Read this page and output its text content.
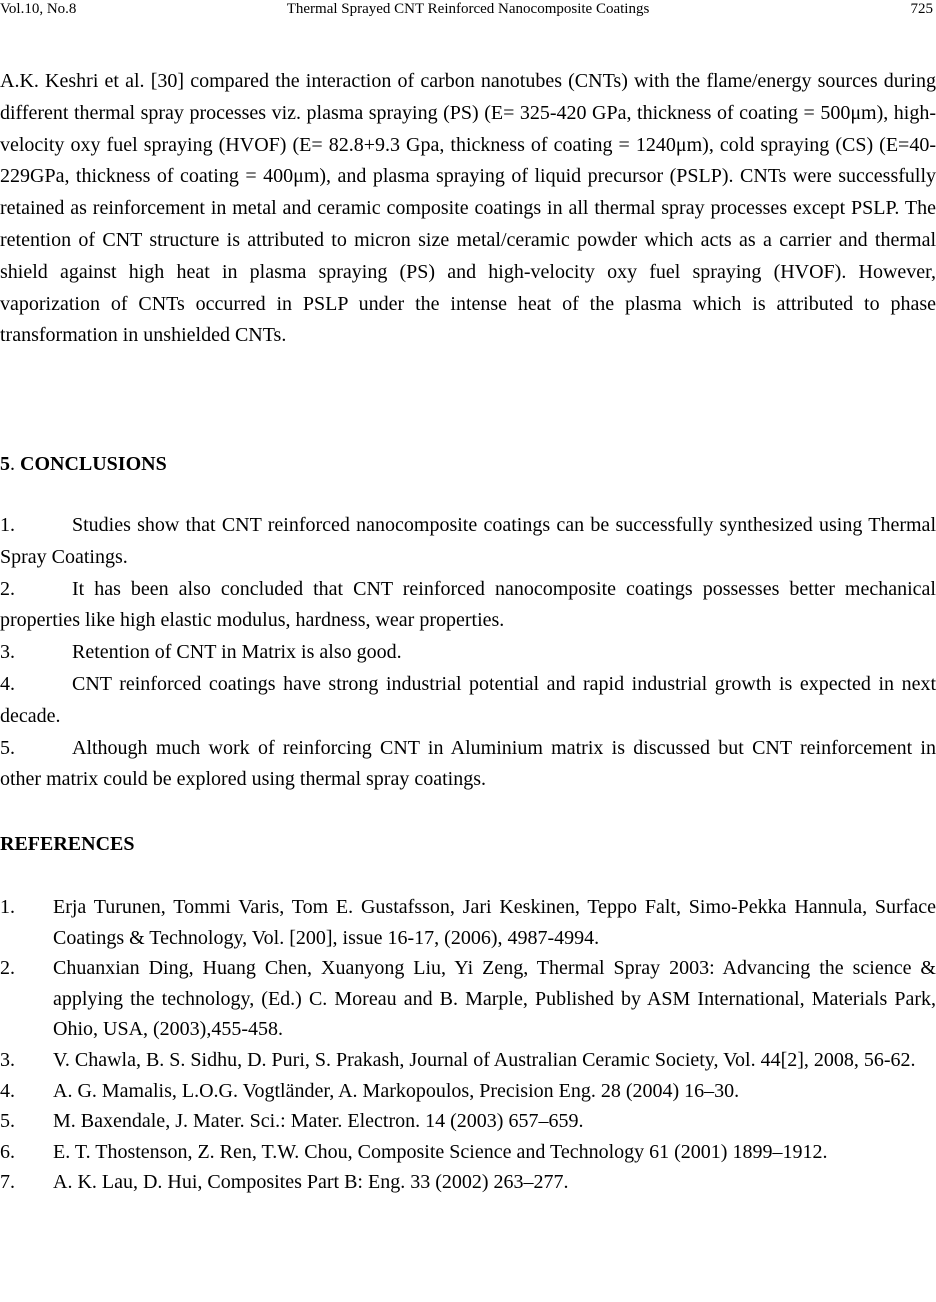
Vol.10, No.8	Thermal Sprayed CNT Reinforced Nanocomposite Coatings	725

A.K. Keshri et al. [30] compared the interaction of carbon nanotubes (CNTs) with the flame/energy sources during different thermal spray processes viz. plasma spraying (PS) (E= 325-420 GPa, thickness of coating = 500μm), high-velocity oxy fuel spraying (HVOF) (E= 82.8+9.3 Gpa, thickness of coating = 1240μm), cold spraying (CS) (E=40-229GPa, thickness of coating = 400μm), and plasma spraying of liquid precursor (PSLP). CNTs were successfully retained as reinforcement in metal and ceramic composite coatings in all thermal spray processes except PSLP. The retention of CNT structure is attributed to micron size metal/ceramic powder which acts as a carrier and thermal shield against high heat in plasma spraying (PS) and high-velocity oxy fuel spraying (HVOF). However, vaporization of CNTs occurred in PSLP under the intense heat of the plasma which is attributed to phase transformation in unshielded CNTs.

5. CONCLUSIONS
1.	Studies show that CNT reinforced nanocomposite coatings can be successfully synthesized using Thermal Spray Coatings.
2.	It has been also concluded that CNT reinforced nanocomposite coatings possesses better mechanical properties like high elastic modulus, hardness, wear properties.
3.	Retention of CNT in Matrix is also good.
4.	CNT reinforced coatings have strong industrial potential and rapid industrial growth is expected in next decade.
5.	Although much work of reinforcing CNT in Aluminium matrix is discussed but CNT reinforcement in other matrix could be explored using thermal spray coatings.
REFERENCES
1. Erja Turunen, Tommi Varis, Tom E. Gustafsson, Jari Keskinen, Teppo Falt, Simo-Pekka Hannula, Surface Coatings & Technology, Vol. [200], issue 16-17, (2006), 4987-4994.
2. Chuanxian Ding, Huang Chen, Xuanyong Liu, Yi Zeng, Thermal Spray 2003: Advancing the science & applying the technology, (Ed.) C. Moreau and B. Marple, Published by ASM International, Materials Park, Ohio, USA, (2003),455-458.
3. V. Chawla, B. S. Sidhu, D. Puri, S. Prakash, Journal of Australian Ceramic Society, Vol. 44[2], 2008, 56-62.
4. A. G. Mamalis, L.O.G. Vogtländer, A. Markopoulos, Precision Eng. 28 (2004) 16–30.
5. M. Baxendale, J. Mater. Sci.: Mater. Electron. 14 (2003) 657–659.
6. E. T. Thostenson, Z. Ren, T.W. Chou, Composite Science and Technology 61 (2001) 1899–1912.
7. A. K. Lau, D. Hui, Composites Part B: Eng. 33 (2002) 263–277.
